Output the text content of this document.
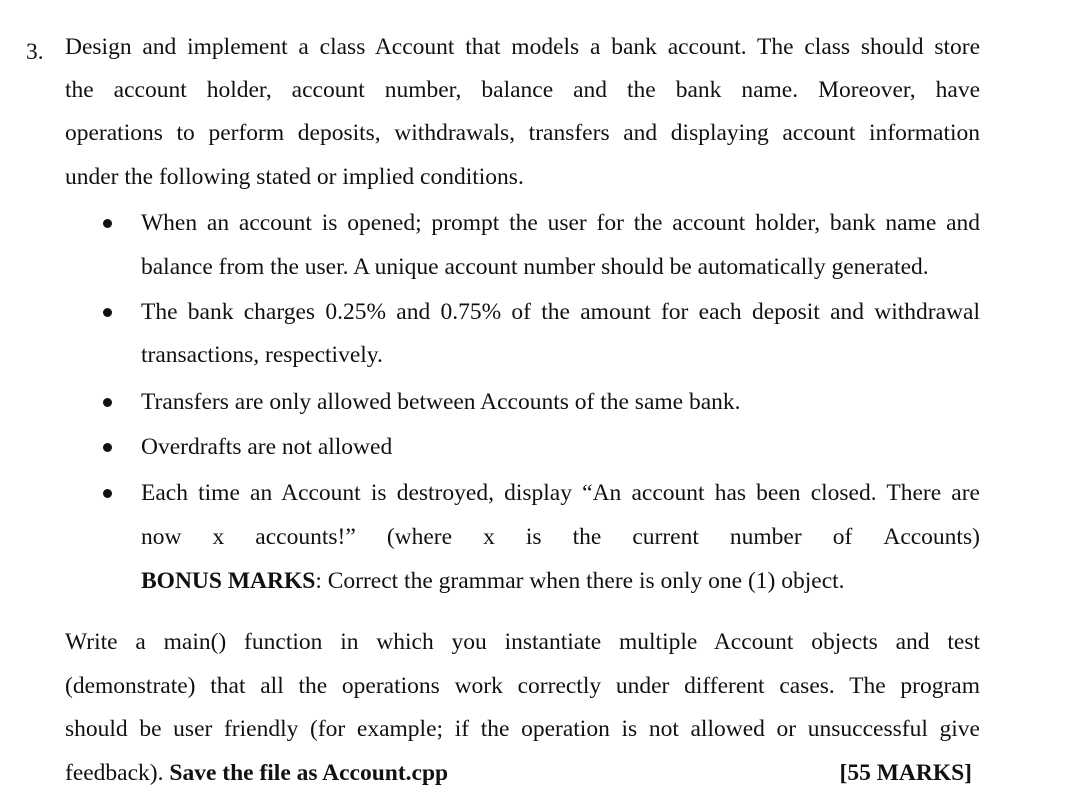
3. Design and implement a class Account that models a bank account. The class should store
the account holder, account number, balance and the bank name. Moreover, have
operations to perform deposits, withdrawals, transfers and displaying account information
under the following stated or implied conditions.
When an account is opened; prompt the user for the account holder, bank name and
balance from the user. A unique account number should be automatically generated.
The bank charges 0.25% and 0.75% of the amount for each deposit and withdrawal
transactions, respectively.
Transfers are only allowed between Accounts of the same bank.
Overdrafts are not allowed
Each time an Account is destroyed, display “An account has been closed. There are
now x accounts!” (where x is the current number of Accounts)
BONUS MARKS: Correct the grammar when there is only one (1) object.
Write a main() function in which you instantiate multiple Account objects and test
(demonstrate) that all the operations work correctly under different cases. The program
should be user friendly (for example; if the operation is not allowed or unsuccessful give
feedback). Save the file as Account.cpp	[55 MARKS]
